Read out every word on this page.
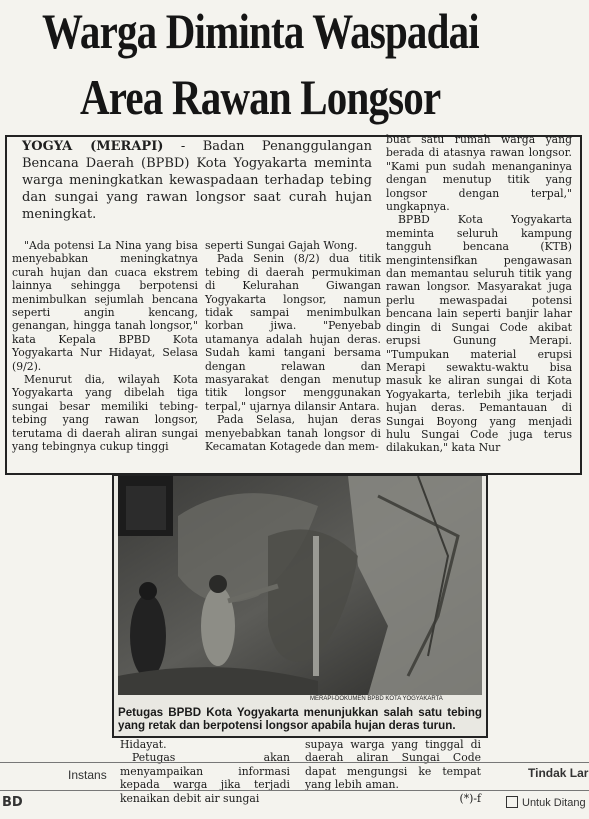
Warga Diminta Waspadai
Area Rawan Longsor
YOGYA (MERAPI) - Badan Penanggulangan Bencana Daerah (BPBD) Kota Yogyakarta meminta warga meningkatkan kewaspadaan terhadap tebing dan sungai yang rawan longsor saat curah hujan meningkat.

"Ada potensi La Nina yang bisa menyebabkan meningkatnya curah hujan dan cuaca ekstrem lainnya sehingga berpotensi menimbulkan sejumlah bencana seperti angin kencang, genangan, hingga tanah longsor," kata Kepala BPBD Kota Yogyakarta Nur Hidayat, Selasa (9/2).

Menurut dia, wilayah Kota Yogyakarta yang dibelah tiga sungai besar memiliki tebing-tebing yang rawan longsor, terutama di daerah aliran sungai yang tebingnya cukup tinggi

seperti Sungai Gajah Wong.

Pada Senin (8/2) dua titik tebing di daerah permukiman di Kelurahan Giwangan Yogyakarta longsor, namun tidak sampai menimbulkan korban jiwa. "Penyebab utamanya adalah hujan deras. Sudah kami tangani bersama dengan relawan dan masyarakat dengan menutup titik longsor menggunakan terpal," ujarnya dilansir Antara.

Pada Selasa, hujan deras menyebabkan tanah longsor di Kecamatan Kotagede dan mem-

buat satu rumah warga yang berada di atasnya rawan longsor. "Kami pun sudah menanganinya dengan menutup titik yang longsor dengan terpal," ungkapnya.

BPBD Kota Yogyakarta meminta seluruh kampung tangguh bencana (KTB) mengintensifkan pengawasan dan memantau seluruh titik yang rawan longsor. Masyarakat juga perlu mewaspadai potensi bencana lain seperti banjir lahar dingin di Sungai Code akibat erupsi Gunung Merapi. "Tumpukan material erupsi Merapi sewaktu-waktu bisa masuk ke aliran sungai di Kota Yogyakarta, terlebih jika terjadi hujan deras. Pemantauan di Sungai Boyong yang menjadi hulu Sungai Code juga terus dilakukan," kata Nur

MERAPI-DOKUMEN BPBD KOTA YOGYAKARTA
Petugas BPBD Kota Yogyakarta menunjukkan salah satu tebing yang retak dan berpotensi longsor apabila hujan deras turun.

Hidayat.

Petugas akan menyampaikan informasi kepada warga jika terjadi kenaikan debit air sungai

supaya warga yang tinggal di daerah aliran Sungai Code dapat mengungsi ke tempat yang lebih aman.

(*)-f

Instans	Tindak Lar
Untuk Ditang
BD
